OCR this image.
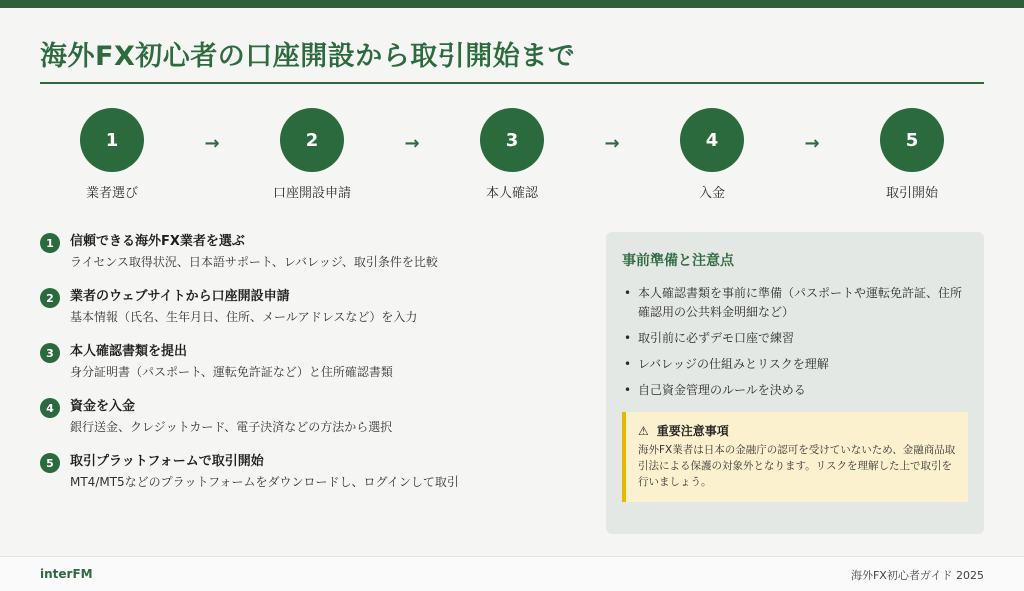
海外FX初心者の口座開設から取引開始まで
1
業者選び
→	2
口座開設申請
→	3
本人確認
→	4
入金
→	5
取引開始
1	信頼できる海外FX業者を選ぶ
ライセンス取得状況、日本語サポート、レバレッジ、取引条件を比較
2	業者のウェブサイトから口座開設申請
基本情報（氏名、生年月日、住所、メールアドレスなど）を入力
3	本人確認書類を提出
身分証明書（パスポート、運転免許証など）と住所確認書類
4	資金を入金
銀行送金、クレジットカード、電子決済などの方法から選択
5	取引プラットフォームで取引開始
MT4/MT5などのプラットフォームをダウンロードし、ログインして取引
事前準備と注意点
• 本人確認書類を事前に準備（パスポートや運転免許証、住所確認用の公共料金明細など）
• 取引前に必ずデモ口座で練習
• レバレッジの仕組みとリスクを理解
• 自己資金管理のルールを決める
⚠ 重要注意事項
海外FX業者は日本の金融庁の認可を受けていないため、金融商品取引法による保護の対象外となります。リスクを理解した上で取引を行いましょう。
interFM	海外FX初心者ガイド 2025
